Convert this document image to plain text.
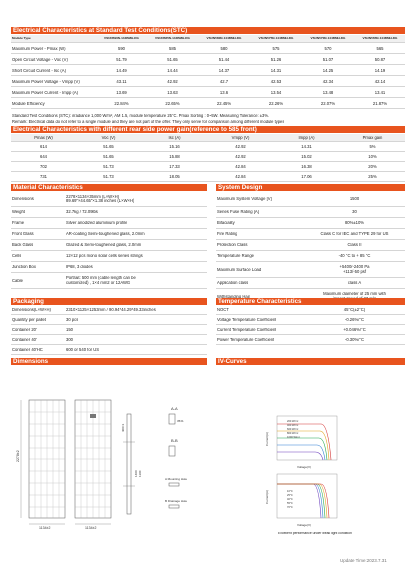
Electrical Characteristics at Standard Test Conditions(STC)
Module Type	VSUN590N-144BMH-DG	VSUN585N-144BMH-DG	VSUN580N-144BMH-DG	VSUN575N-144BMH-DG	VSUN570N-144BMH-DG	VSUN565N-144BMH-DG
Maximum Power - Pmax (W)	590	585	580	575	570	565
Open Circuit Voltage - Voc (V)	51.79	51.65	51.44	51.26	51.07	50.87
Short Circuit Current - Isc (A)	14.49	14.44	14.37	14.31	14.25	14.19
Maximum Power Voltage - Vmpp (V)	43.11	42.92	42.7	42.53	42.34	42.14
Maximum Power Current - Impp (A)	13.69	13.63	13.6	13.54	13.48	13.41
Module Efficiency	22.84%	22.65%	22.45%	22.26%	22.07%	21.87%
Standard Test Conditions (STC): irradiance 1,000 W/m², AM 1.5, module temperature 25°C. Pmax Sorting : 0~5W. Measuring Tolerance: ±3%.
Remark: Electrical data do not refer to a single module and they are not part of the offer. They only serve for comparison among different module types
Electrical Characteristics with different rear side power gain(reference to 585 front)
Pmax (W)	Voc (V)	Isc (A)	Vmpp (V)	Impp (A)	Pmax gain
614	51.65	15.16	42.92	14.31	5%
644	51.65	15.88	42.92	15.02	10%
702	51.73	17.33	42.84	16.38	20%
731	51.73	18.05	42.84	17.06	25%
Material Characteristics	System Design
Dimensions	2278×1134×35mm (L×W×H)
89.69"×44.65"×1.38 inches (L×W×H)
Weight	32.7kg / 72.09lbs
Frame	Silver anodized aluminium profile
Front Glass	AR-coating Semi-toughened glass, 2.0mm
Back Glass	Glazed & Semi-toughened glass, 2.0mm
Cells	12×12 pcs mono solar cells series strings
Junction Box	IP68, 3 diodes
Cable	Portrait: 500 mm (cable length can be
customized) , 1×4 mm2 or 12AWG
Maximum System Voltage [V]	1500
Series Fuse Rating [A]	30
Bifaciality	80%±10%
Fire Rating	Class C for IEC and TYPE 29 for US
Protection Class	Class II
Temperature Range	-40 °C to + 85 °C
Maximum Surface Load	+5400/-2400 Pa
+113/-50 psf
Application class	class A
Withstanding Hail	Maximum diameter of 25 mm with

Packaging	Temperature Characteristics
Dimensions(L×W×H)	2310×1125×1253mm / 90.94*44.29*49.33inches
Quantity per pallet	30 pcs
Container 20'	150
Container 40'	300
Container 40'HC	600 or 540 for US
NOCT	45°C(±2°C)
Voltage Temperature Coefficient	-0.26%/°C
Current Temperature Coefficient	+0.046%/°C
Power Temperature Coefficient	-0.30%/°C
Dimensions	IV-Curves
2278±2
1134±2	1134±2
400±1
1400 1100
A-A
35±1
B-B
A Mounting Hole
B Drainage Hole
Current(A)
Voltage(V)
200 W/m²
400 W/m²
600 W/m²
800 W/m²
1000 W/m²
Current(A)
Voltage(V)
10°C
25°C
40°C
55°C
70°C
Excellent performance under weak light condition
Update Time:2023.7.31
